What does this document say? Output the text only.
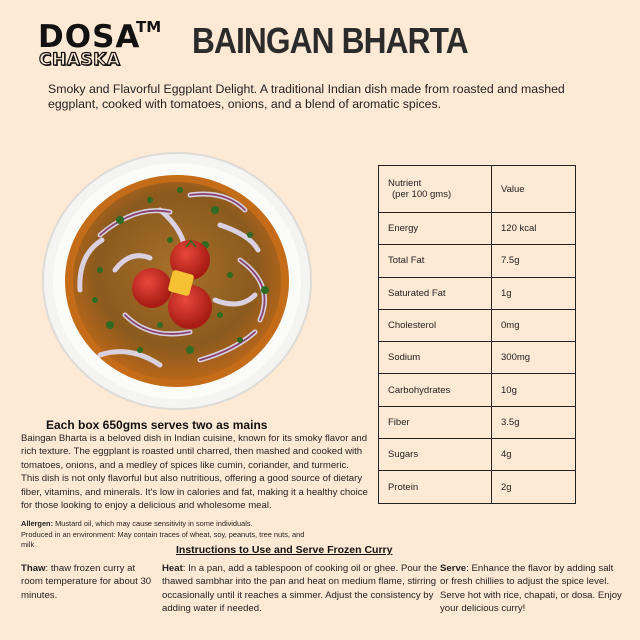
DOSA
TM
CHASKA BAINGAN BHARTA

Smoky and Flavorful Eggplant Delight. A traditional Indian dish made from roasted and mashed eggplant, cooked with tomatoes, onions, and a blend of aromatic spices.

Nutrient
(per 100 gms)	Value
Energy	120 kcal
Total Fat	7.5g
Saturated Fat	1g
Cholesterol	0mg
Sodium	300mg
Carbohydrates	10g
Fiber	3.5g
Sugars	4g
Protein	2g
Each box 650gms serves two as mains

Baingan Bharta is a beloved dish in Indian cuisine, known for its smoky flavor and rich texture. The eggplant is roasted until charred, then mashed and cooked with tomatoes, onions, and a medley of spices like cumin, coriander, and turmeric. This dish is not only flavorful but also nutritious, offering a good source of dietary fiber, vitamins, and minerals. It's low in calories and fat, making it a healthy choice for those looking to enjoy a delicious and wholesome meal.

Allergen: Mustard oil, which may cause sensitivity in some individuals.
Produced in an environment: May contain traces of wheat, soy, peanuts, tree nuts, and milk	Instructions to Use and Serve Frozen Curry

Thaw: thaw frozen curry at room temperature for about 30 minutes.

Heat: In a pan, add a tablespoon of cooking oil or ghee. Pour the thawed sambhar into the pan and heat on medium flame, stirring occasionally until it reaches a simmer. Adjust the consistency by adding water if needed.

Serve: Enhance the flavor by adding salt or fresh chillies to adjust the spice level. Serve hot with rice, chapati, or dosa. Enjoy your delicious curry!
